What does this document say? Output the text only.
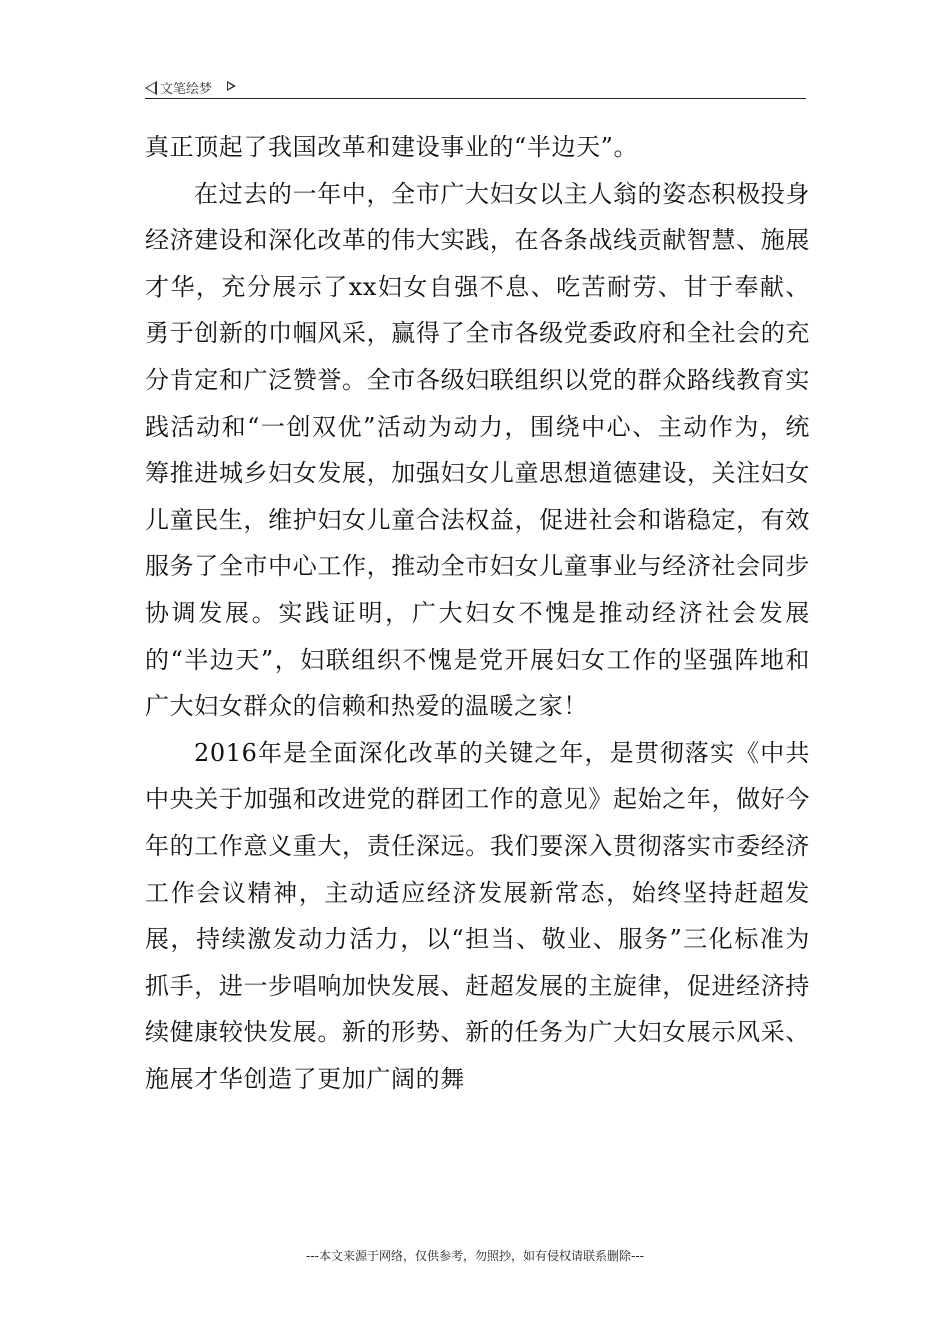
文笔绘梦

真正顶起了我国改革和建设事业的“半边天”。

在过去的一年中，全市广大妇女以主人翁的姿态积极投身经济建设和深化改革的伟大实践，在各条战线贡献智慧、施展才华，充分展示了xx妇女自强不息、吃苦耐劳、甘于奉献、勇于创新的巾帼风采，赢得了全市各级党委政府和全社会的充分肯定和广泛赞誉。全市各级妇联组织以党的群众路线教育实践活动和“一创双优”活动为动力，围绕中心、主动作为，统筹推进城乡妇女发展，加强妇女儿童思想道德建设，关注妇女儿童民生，维护妇女儿童合法权益，促进社会和谐稳定，有效服务了全市中心工作，推动全市妇女儿童事业与经济社会同步协调发展。实践证明，广大妇女不愧是推动经济社会发展的“半边天”，妇联组织不愧是党开展妇女工作的坚强阵地和广大妇女群众的信赖和热爱的温暖之家！

2016年是全面深化改革的关键之年，是贯彻落实《中共中央关于加强和改进党的群团工作的意见》起始之年，做好今年的工作意义重大，责任深远。我们要深入贯彻落实市委经济工作会议精神，主动适应经济发展新常态，始终坚持赶超发展，持续激发动力活力，以“担当、敬业、服务”三化标准为抓手，进一步唱响加快发展、赶超发展的主旋律，促进经济持续健康较快发展。新的形势、新的任务为广大妇女展示风采、施展才华创造了更加广阔的舞

---本文来源于网络，仅供参考，勿照抄，如有侵权请联系删除---
